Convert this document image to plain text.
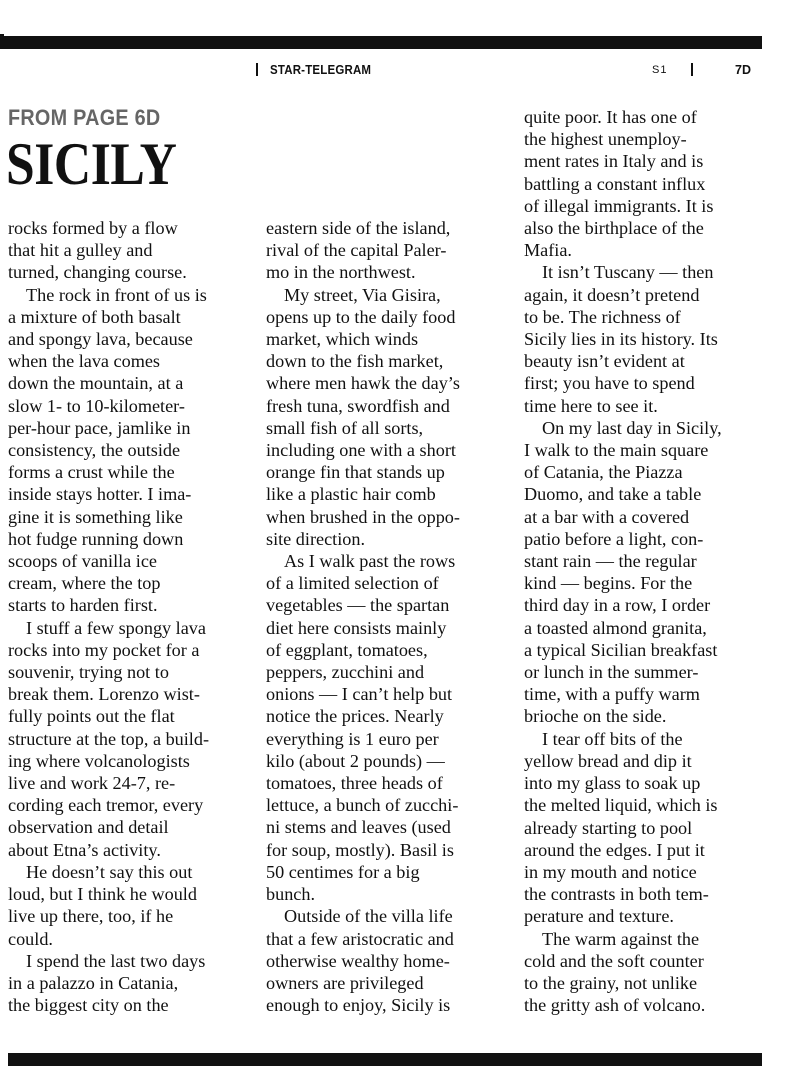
STAR-TELEGRAM	S1	7D
FROM PAGE 6D
SICILY
rocks formed by a flow
that hit a gulley and
turned, changing course.
The rock in front of us is
a mixture of both basalt
and spongy lava, because
when the lava comes
down the mountain, at a
slow 1- to 10-kilometer-
per-hour pace, jamlike in
consistency, the outside
forms a crust while the
inside stays hotter. I ima-
gine it is something like
hot fudge running down
scoops of vanilla ice
cream, where the top
starts to harden first.
I stuff a few spongy lava
rocks into my pocket for a
souvenir, trying not to
break them. Lorenzo wist-
fully points out the flat
structure at the top, a build-
ing where volcanologists
live and work 24-7, re-
cording each tremor, every
observation and detail
about Etna’s activity.
He doesn’t say this out
loud, but I think he would
live up there, too, if he
could.
I spend the last two days
in a palazzo in Catania,
the biggest city on the
eastern side of the island,
rival of the capital Paler-
mo in the northwest.
My street, Via Gisira,
opens up to the daily food
market, which winds
down to the fish market,
where men hawk the day’s
fresh tuna, swordfish and
small fish of all sorts,
including one with a short
orange fin that stands up
like a plastic hair comb
when brushed in the oppo-
site direction.
As I walk past the rows
of a limited selection of
vegetables — the spartan
diet here consists mainly
of eggplant, tomatoes,
peppers, zucchini and
onions — I can’t help but
notice the prices. Nearly
everything is 1 euro per
kilo (about 2 pounds) —
tomatoes, three heads of
lettuce, a bunch of zucchi-
ni stems and leaves (used
for soup, mostly). Basil is
50 centimes for a big
bunch.
Outside of the villa life
that a few aristocratic and
otherwise wealthy home-
owners are privileged
enough to enjoy, Sicily is
quite poor. It has one of
the highest unemploy-
ment rates in Italy and is
battling a constant influx
of illegal immigrants. It is
also the birthplace of the
Mafia.
It isn’t Tuscany — then
again, it doesn’t pretend
to be. The richness of
Sicily lies in its history. Its
beauty isn’t evident at
first; you have to spend
time here to see it.
On my last day in Sicily,
I walk to the main square
of Catania, the Piazza
Duomo, and take a table
at a bar with a covered
patio before a light, con-
stant rain — the regular
kind — begins. For the
third day in a row, I order
a toasted almond granita,
a typical Sicilian breakfast
or lunch in the summer-
time, with a puffy warm
brioche on the side.
I tear off bits of the
yellow bread and dip it
into my glass to soak up
the melted liquid, which is
already starting to pool
around the edges. I put it
in my mouth and notice
the contrasts in both tem-
perature and texture.
The warm against the
cold and the soft counter
to the grainy, not unlike
the gritty ash of volcano.
